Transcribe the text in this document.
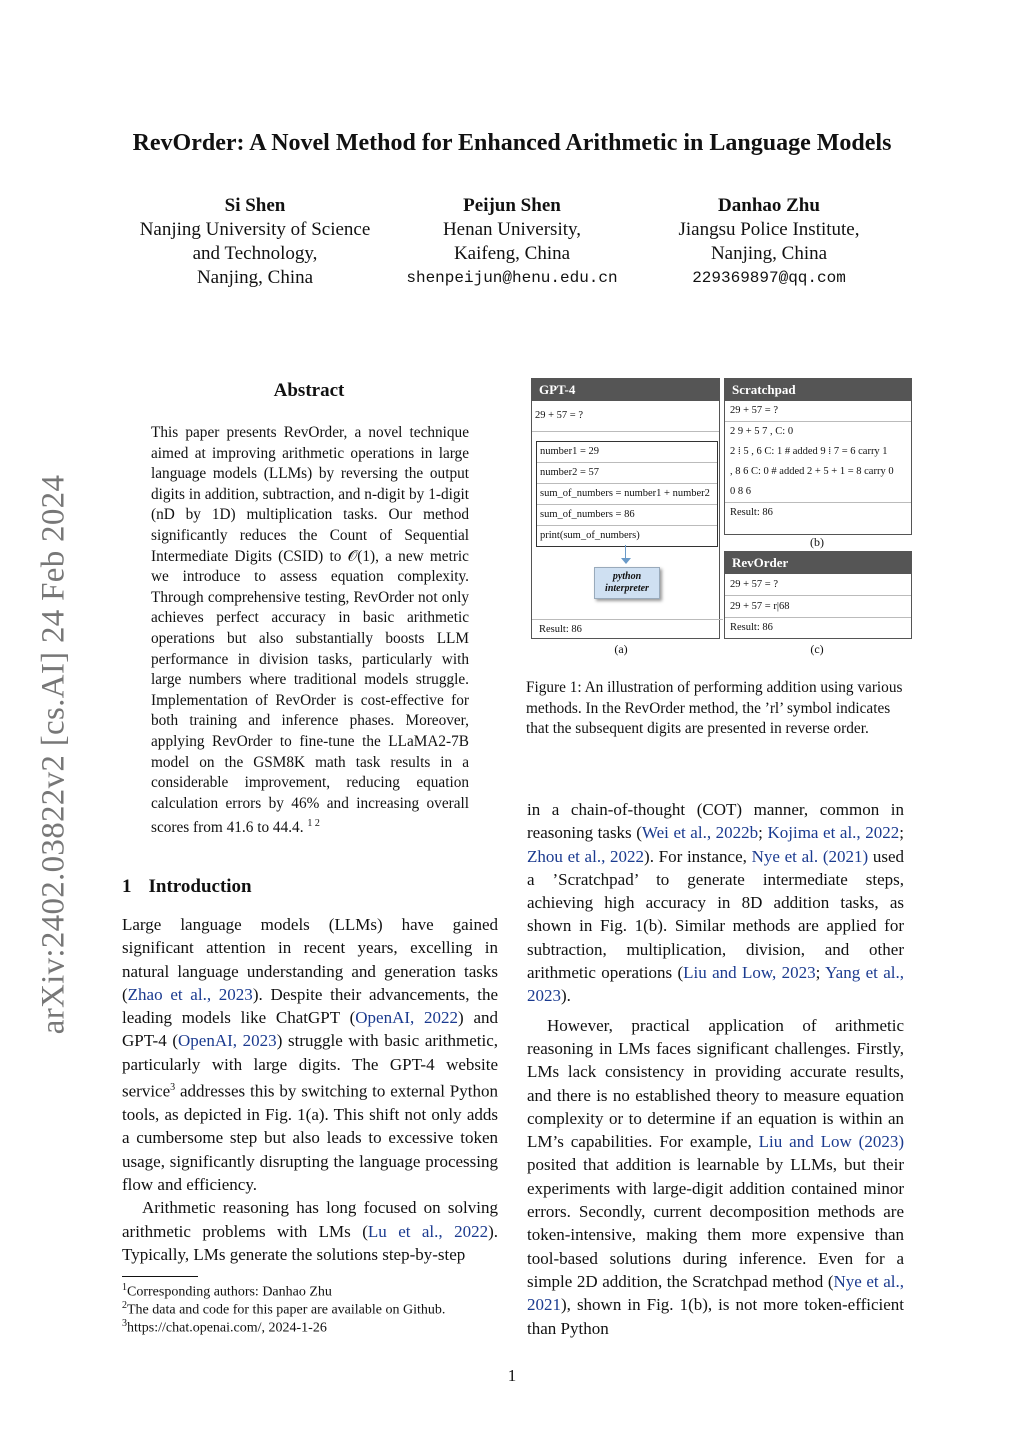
RevOrder: A Novel Method for Enhanced Arithmetic in Language Models
Si Shen
Nanjing University of Science
and Technology,
Nanjing, China
Peijun Shen
Henan University,
Kaifeng, China
shenpeijun@henu.edu.cn
Danhao Zhu
Jiangsu Police Institute,
Nanjing, China
229369897@qq.com
arXiv:2402.03822v2 [cs.AI] 24 Feb 2024
Abstract
This paper presents RevOrder, a novel technique aimed at improving arithmetic operations in large language models (LLMs) by reversing the output digits in addition, subtraction, and n-digit by 1-digit (nD by 1D) multiplication tasks. Our method significantly reduces the Count of Sequential Intermediate Digits (CSID) to 𝒪(1), a new metric we introduce to assess equation complexity. Through comprehensive testing, RevOrder not only achieves perfect accuracy in basic arithmetic operations but also substantially boosts LLM performance in division tasks, particularly with large numbers where traditional models struggle. Implementation of RevOrder is cost-effective for both training and inference phases. Moreover, applying RevOrder to fine-tune the LLaMA2-7B model on the GSM8K math task results in a considerable improvement, reducing equation calculation errors by 46% and increasing overall scores from 41.6 to 44.4. $^{1 2}$
1 Introduction

Large language models (LLMs) have gained significant attention in recent years, excelling in natural language understanding and generation tasks (Zhao et al., 2023). Despite their advancements, the leading models like ChatGPT (OpenAI, 2022) and GPT-4 (OpenAI, 2023) struggle with basic arithmetic, particularly with large digits. The GPT-4 website service$^3$ addresses this by switching to external Python tools, as depicted in Fig. 1(a). This shift not only adds a cumbersome step but also leads to excessive token usage, significantly disrupting the language processing flow and efficiency.

Arithmetic reasoning has long focused on solving arithmetic problems with LMs (Lu et al., 2022). Typically, LMs generate the solutions step-by-step

$^1$Corresponding authors: Danhao Zhu
$^2$The data and code for this paper are available on Github.
$^3$https://chat.openai.com/, 2024-1-26
GPT-4
29 + 57 = ?
number1 = 29
number2 = 57
sum_of_numbers = number1 + number2
sum_of_numbers = 86
print(sum_of_numbers)
python interpreter
Result: 86
(a)
Scratchpad
29 + 57 = ?
2 9 + 5 7 , C: 0
2 ⁞ 5 , 6 C: 1 # added 9 ⁞ 7 = 6 carry 1
, 8 6 C: 0 # added 2 + 5 + 1 = 8 carry 0
0 8 6
Result: 86
(b)
RevOrder
29 + 57 = ?
29 + 57 = r|68
Result: 86
(c)
Figure 1: An illustration of performing addition using various methods. In the RevOrder method, the ’rl’ symbol indicates that the subsequent digits are presented in reverse order.

in a chain-of-thought (COT) manner, common in reasoning tasks (Wei et al., 2022b; Kojima et al., 2022; Zhou et al., 2022). For instance, Nye et al. (2021) used a ’Scratchpad’ to generate intermediate steps, achieving high accuracy in 8D addition tasks, as shown in Fig. 1(b). Similar methods are applied for subtraction, multiplication, division, and other arithmetic operations (Liu and Low, 2023; Yang et al., 2023).

However, practical application of arithmetic reasoning in LMs faces significant challenges. Firstly, LMs lack consistency in providing accurate results, and there is no established theory to measure equation complexity or to determine if an equation is within an LM’s capabilities. For example, Liu and Low (2023) posited that addition is learnable by LLMs, but their experiments with large-digit addition contained minor errors. Secondly, current decomposition methods are token-intensive, making them more expensive than tool-based solutions during inference. Even for a simple 2D addition, the Scratchpad method (Nye et al., 2021), shown in Fig. 1(b), is not more token-efficient than Python

1
